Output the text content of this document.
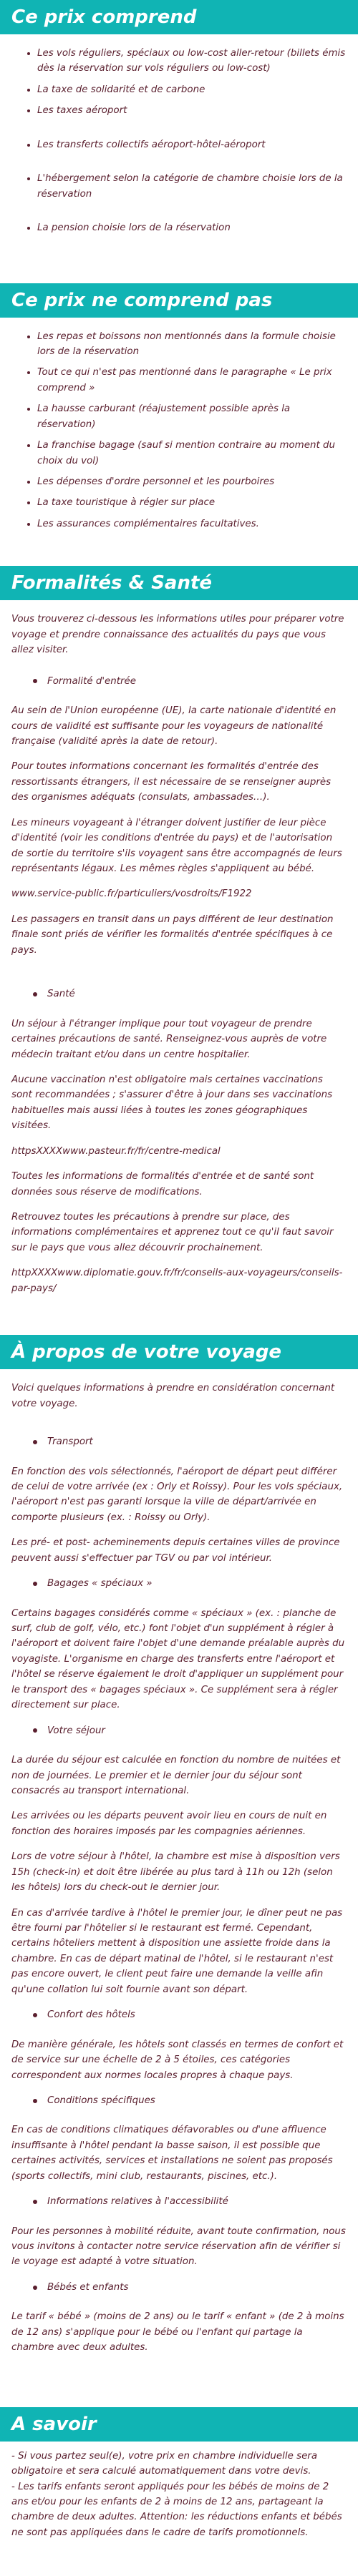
Ce prix comprend
• Les vols réguliers, spéciaux ou low-cost aller-retour (billets émis dès la réservation sur vols réguliers ou low-cost)
• La taxe de solidarité et de carbone
• Les taxes aéroport
• Les transferts collectifs aéroport-hôtel-aéroport
• L'hébergement selon la catégorie de chambre choisie lors de la réservation
• La pension choisie lors de la réservation
Ce prix ne comprend pas
• Les repas et boissons non mentionnés dans la formule choisie lors de la réservation
• Tout ce qui n'est pas mentionné dans le paragraphe « Le prix comprend »
• La hausse carburant (réajustement possible après la réservation)
• La franchise bagage (sauf si mention contraire au moment du choix du vol)
• Les dépenses d'ordre personnel et les pourboires
• La taxe touristique à régler sur place
• Les assurances complémentaires facultatives.
Formalités & Santé

Vous trouverez ci-dessous les informations utiles pour préparer votre voyage et prendre connaissance des actualités du pays que vous allez visiter.

Formalité d'entrée

Au sein de l'Union européenne (UE), la carte nationale d'identité en cours de validité est suffisante pour les voyageurs de nationalité française (validité après la date de retour).

Pour toutes informations concernant les formalités d'entrée des ressortissants étrangers, il est nécessaire de se renseigner auprès des organismes adéquats (consulats, ambassades…).

Les mineurs voyageant à l'étranger doivent justifier de leur pièce d'identité (voir les conditions d'entrée du pays) et de l'autorisation de sortie du territoire s'ils voyagent sans être accompagnés de leurs représentants légaux. Les mêmes règles s'appliquent au bébé.

www.service-public.fr/particuliers/vosdroits/F1922

Les passagers en transit dans un pays différent de leur destination finale sont priés de vérifier les formalités d'entrée spécifiques à ce pays.

Santé

Un séjour à l'étranger implique pour tout voyageur de prendre certaines précautions de santé. Renseignez-vous auprès de votre médecin traitant et/ou dans un centre hospitalier.

Aucune vaccination n'est obligatoire mais certaines vaccinations sont recommandées ; s'assurer d'être à jour dans ses vaccinations habituelles mais aussi liées à toutes les zones géographiques visitées.

httpsXXXXwww.pasteur.fr/fr/centre-medical

Toutes les informations de formalités d'entrée et de santé sont données sous réserve de modifications.

Retrouvez toutes les précautions à prendre sur place, des informations complémentaires et apprenez tout ce qu'il faut savoir sur le pays que vous allez découvrir prochainement.

httpXXXXwww.diplomatie.gouv.fr/fr/conseils-aux-voyageurs/conseils-par-pays/

À propos de votre voyage

Voici quelques informations à prendre en considération concernant votre voyage.

Transport

En fonction des vols sélectionnés, l'aéroport de départ peut différer de celui de votre arrivée (ex : Orly et Roissy). Pour les vols spéciaux, l'aéroport n'est pas garanti lorsque la ville de départ/arrivée en comporte plusieurs (ex. : Roissy ou Orly).

Les pré- et post- acheminements depuis certaines villes de province peuvent aussi s'effectuer par TGV ou par vol intérieur.

Bagages « spéciaux »

Certains bagages considérés comme « spéciaux » (ex. : planche de surf, club de golf, vélo, etc.) font l'objet d'un supplément à régler à l'aéroport et doivent faire l'objet d'une demande préalable auprès du voyagiste. L'organisme en charge des transferts entre l'aéroport et l'hôtel se réserve également le droit d'appliquer un supplément pour le transport des « bagages spéciaux ». Ce supplément sera à régler directement sur place.

Votre séjour

La durée du séjour est calculée en fonction du nombre de nuitées et non de journées. Le premier et le dernier jour du séjour sont consacrés au transport international.

Les arrivées ou les départs peuvent avoir lieu en cours de nuit en fonction des horaires imposés par les compagnies aériennes.

Lors de votre séjour à l'hôtel, la chambre est mise à disposition vers 15h (check-in) et doit être libérée au plus tard à 11h ou 12h (selon les hôtels) lors du check-out le dernier jour.

En cas d'arrivée tardive à l'hôtel le premier jour, le dîner peut ne pas être fourni par l'hôtelier si le restaurant est fermé. Cependant, certains hôteliers mettent à disposition une assiette froide dans la chambre. En cas de départ matinal de l'hôtel, si le restaurant n'est pas encore ouvert, le client peut faire une demande la veille afin qu'une collation lui soit fournie avant son départ.

Confort des hôtels

De manière générale, les hôtels sont classés en termes de confort et de service sur une échelle de 2 à 5 étoiles, ces catégories correspondent aux normes locales propres à chaque pays.

Conditions spécifiques

En cas de conditions climatiques défavorables ou d'une affluence insuffisante à l'hôtel pendant la basse saison, il est possible que certaines activités, services et installations ne soient pas proposés (sports collectifs, mini club, restaurants, piscines, etc.).

Informations relatives à l'accessibilité

Pour les personnes à mobilité réduite, avant toute confirmation, nous vous invitons à contacter notre service réservation afin de vérifier si le voyage est adapté à votre situation.

Bébés et enfants

Le tarif « bébé » (moins de 2 ans) ou le tarif « enfant » (de 2 à moins de 12 ans) s'applique pour le bébé ou l'enfant qui partage la chambre avec deux adultes.

A savoir
- Si vous partez seul(e), votre prix en chambre individuelle sera obligatoire et sera calculé automatiquement dans votre devis.
- Les tarifs enfants seront appliqués pour les bébés de moins de 2 ans et/ou pour les enfants de 2 à moins de 12 ans, partageant la chambre de deux adultes. Attention: les réductions enfants et bébés ne sont pas appliquées dans le cadre de tarifs promotionnels.
